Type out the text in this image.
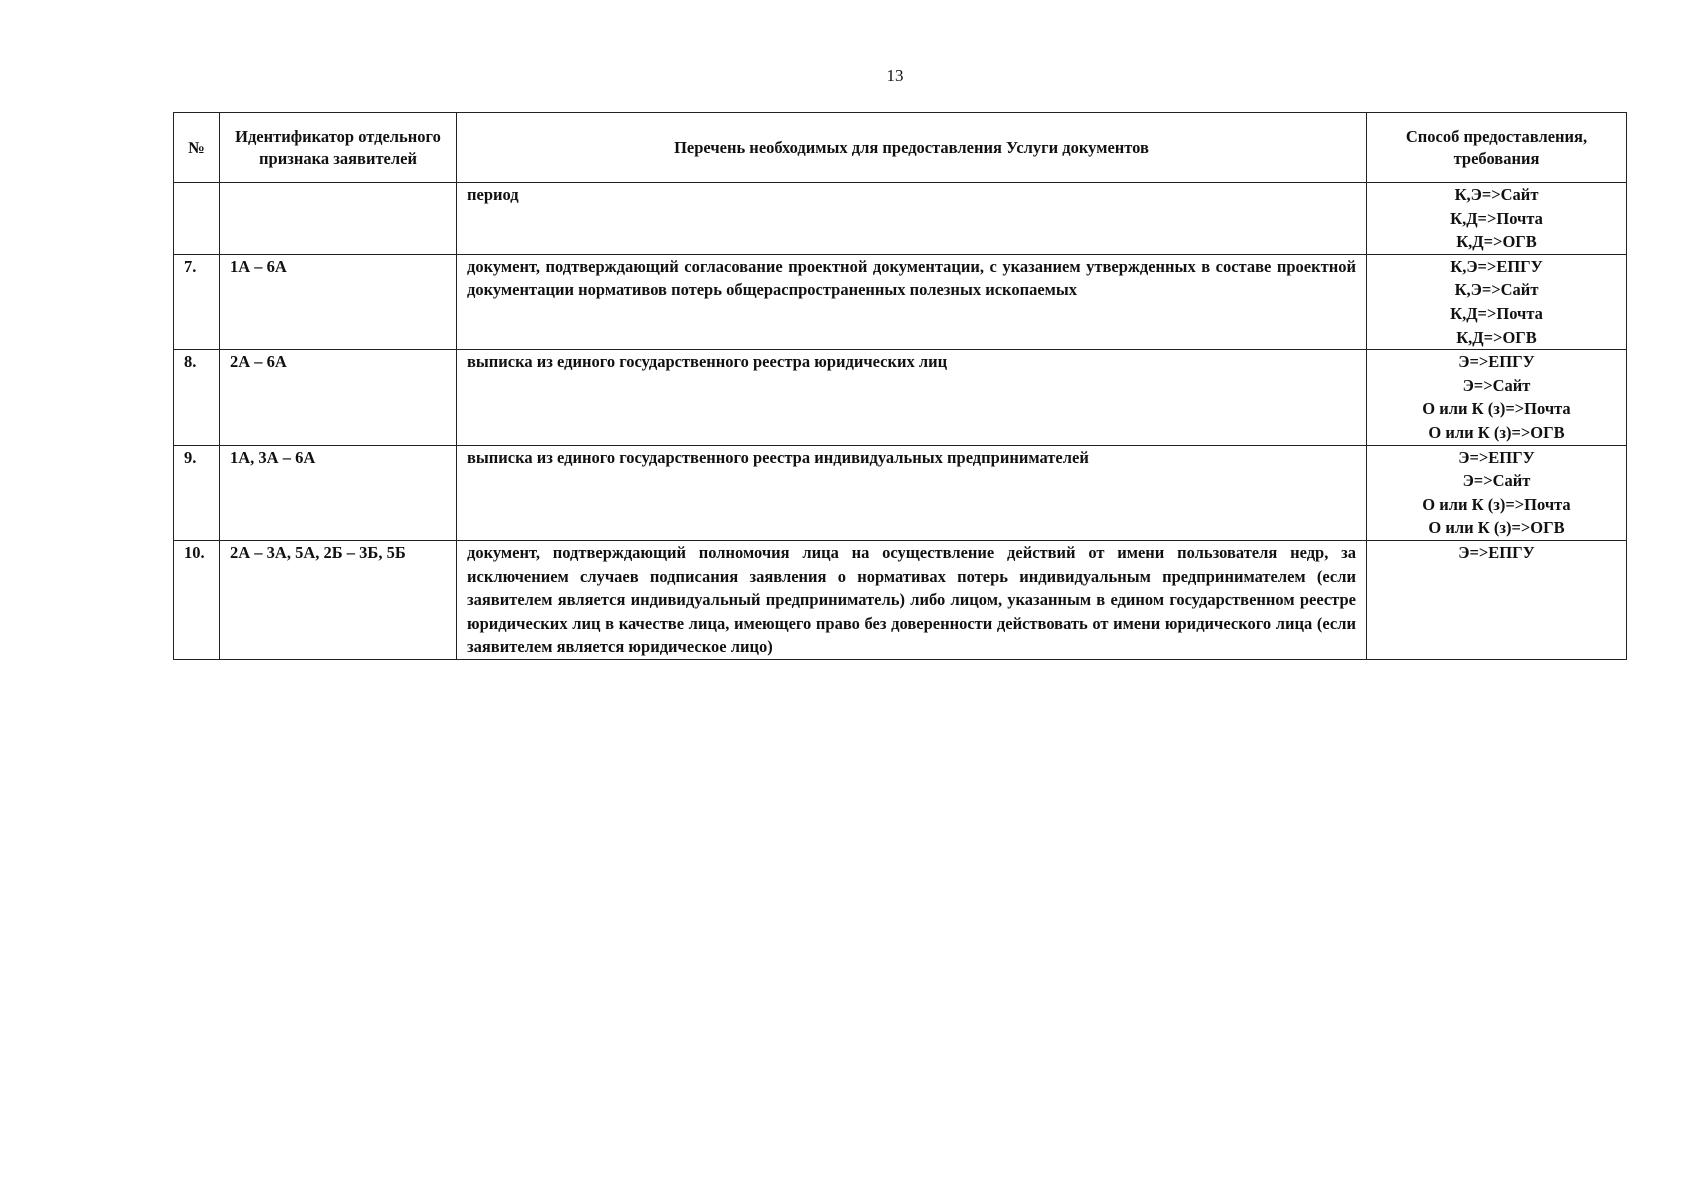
13
№	Идентификатор отдельного признака заявителей	Перечень необходимых для предоставления Услуги документов	Способ предоставления, требования
		период	К,Э=>Сайт
К,Д=>Почта
К,Д=>ОГВ

7.	1А – 6А	документ, подтверждающий согласование проектной документации, с указанием утвержденных в составе проектной документации нормативов потерь общераспространенных полезных ископаемых	К,Э=>ЕПГУ
К,Э=>Сайт
К,Д=>Почта
К,Д=>ОГВ

8.	2А – 6А	выписка из единого государственного реестра юридических лиц	Э=>ЕПГУ
Э=>Сайт
О или К (з)=>Почта
О или К (з)=>ОГВ

9.	1А, 3А – 6А	выписка из единого государственного реестра индивидуальных предпринимателей	Э=>ЕПГУ
Э=>Сайт
О или К (з)=>Почта
О или К (з)=>ОГВ

10.	2А – 3А, 5А, 2Б – 3Б, 5Б	документ, подтверждающий полномочия лица на осуществление действий от имени пользователя недр, за исключением случаев подписания заявления о нормативах потерь индивидуальным предпринимателем (если заявителем является индивидуальный предприниматель) либо лицом, указанным в едином государственном реестре юридических лиц в качестве лица, имеющего право без доверенности действовать от имени юридического лица (если заявителем является юридическое лицо)	Э=>ЕПГУ
